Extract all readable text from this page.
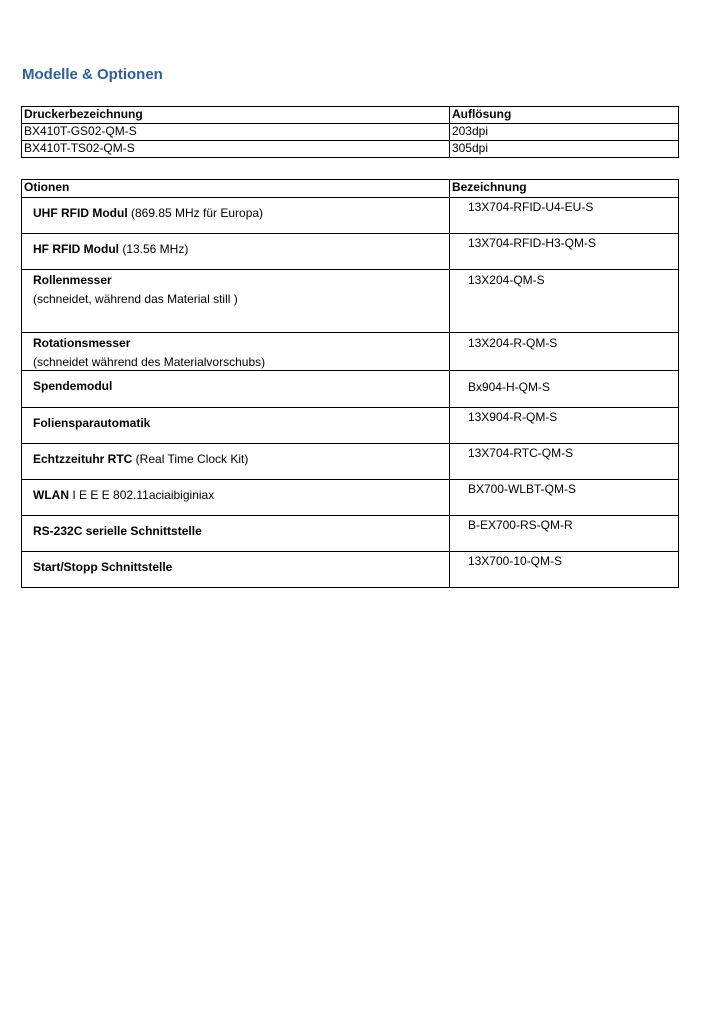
Modelle & Optionen
Druckerbezeichnung	Auflösung
BX410T-GS02-QM-S	203dpi
BX410T-TS02-QM-S	305dpi
Otionen	Bezeichnung
UHF RFID Modul (869.85 MHz für Europa)	13X704-RFID-U4-EU-S
HF RFID Modul (13.56 MHz)	13X704-RFID-H3-QM-S
Rollenmesser
(schneidet, während das Material still )	13X204-QM-S
Rotationsmesser
(schneidet während des Materialvorschubs)	13X204-R-QM-S
Spendemodul	Bx904-H-QM-S
Foliensparautomatik	13X904-R-QM-S
Echtzzeituhr RTC (Real Time Clock Kit)	13X704-RTC-QM-S
WLAN I E E E 802.11aciaibiginiax	BX700-WLBT-QM-S
RS-232C serielle Schnittstelle	B-EX700-RS-QM-R
Start/Stopp Schnittstelle	13X700-10-QM-S
